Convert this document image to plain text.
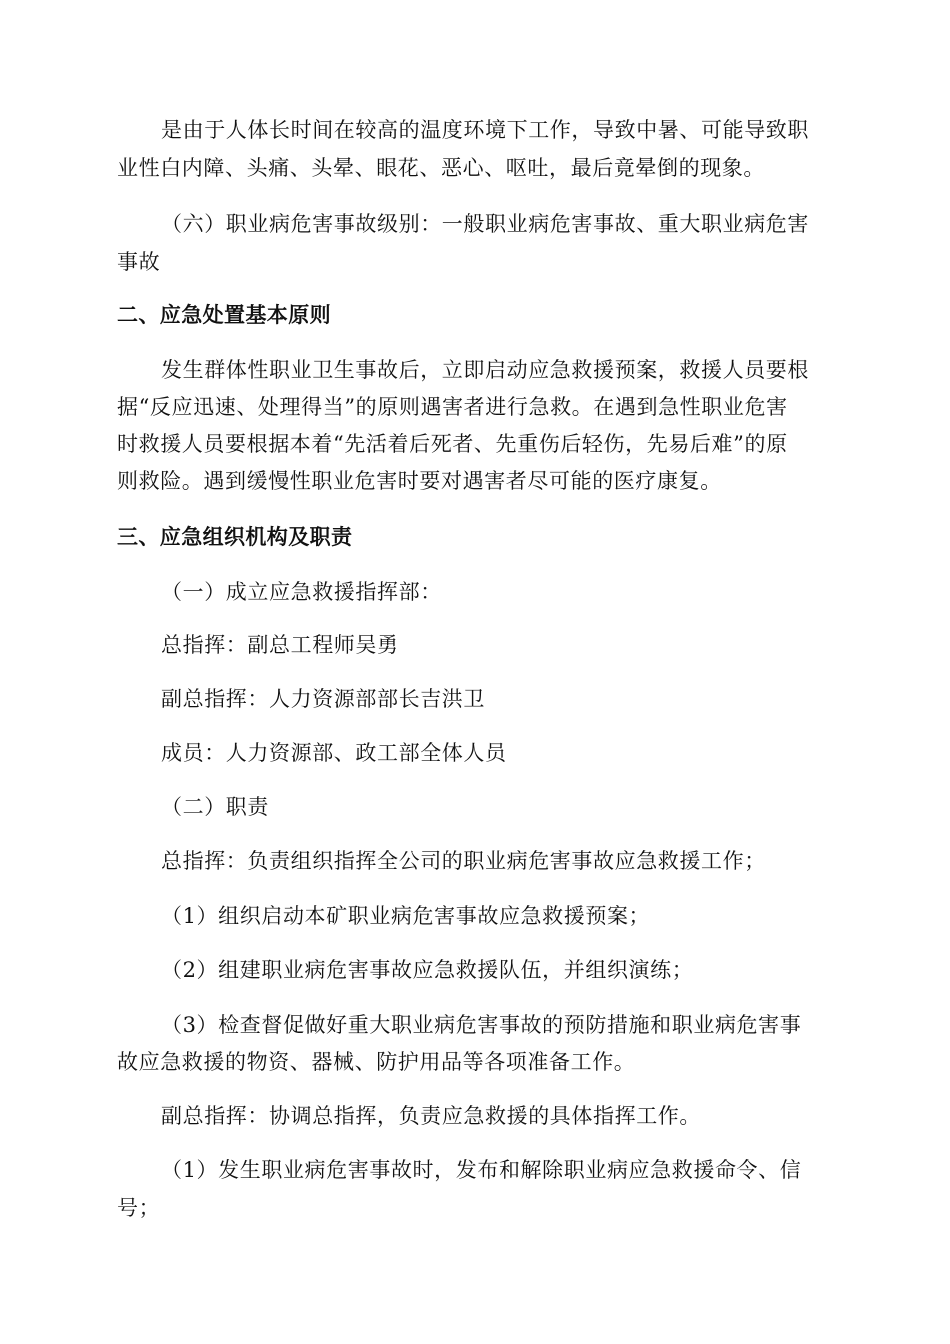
是由于人体长时间在较高的温度环境下工作，导致中暑、可能导致职
业性白内障、头痛、头晕、眼花、恶心、呕吐，最后竟晕倒的现象。
（六）职业病危害事故级别：一般职业病危害事故、重大职业病危害
事故
二、应急处置基本原则
发生群体性职业卫生事故后，立即启动应急救援预案，救援人员要根
据“反应迅速、处理得当”的原则遇害者进行急救。在遇到急性职业危害
时救援人员要根据本着“先活着后死者、先重伤后轻伤，先易后难”的原
则救险。遇到缓慢性职业危害时要对遇害者尽可能的医疗康复。
三、应急组织机构及职责
（一）成立应急救援指挥部：
总指挥：副总工程师吴勇
副总指挥：人力资源部部长吉洪卫
成员：人力资源部、政工部全体人员
（二）职责
总指挥：负责组织指挥全公司的职业病危害事故应急救援工作；
（1）组织启动本矿职业病危害事故应急救援预案；
（2）组建职业病危害事故应急救援队伍，并组织演练；
（3）检查督促做好重大职业病危害事故的预防措施和职业病危害事
故应急救援的物资、器械、防护用品等各项准备工作。
副总指挥：协调总指挥，负责应急救援的具体指挥工作。
（1）发生职业病危害事故时，发布和解除职业病应急救援命令、信
号；
